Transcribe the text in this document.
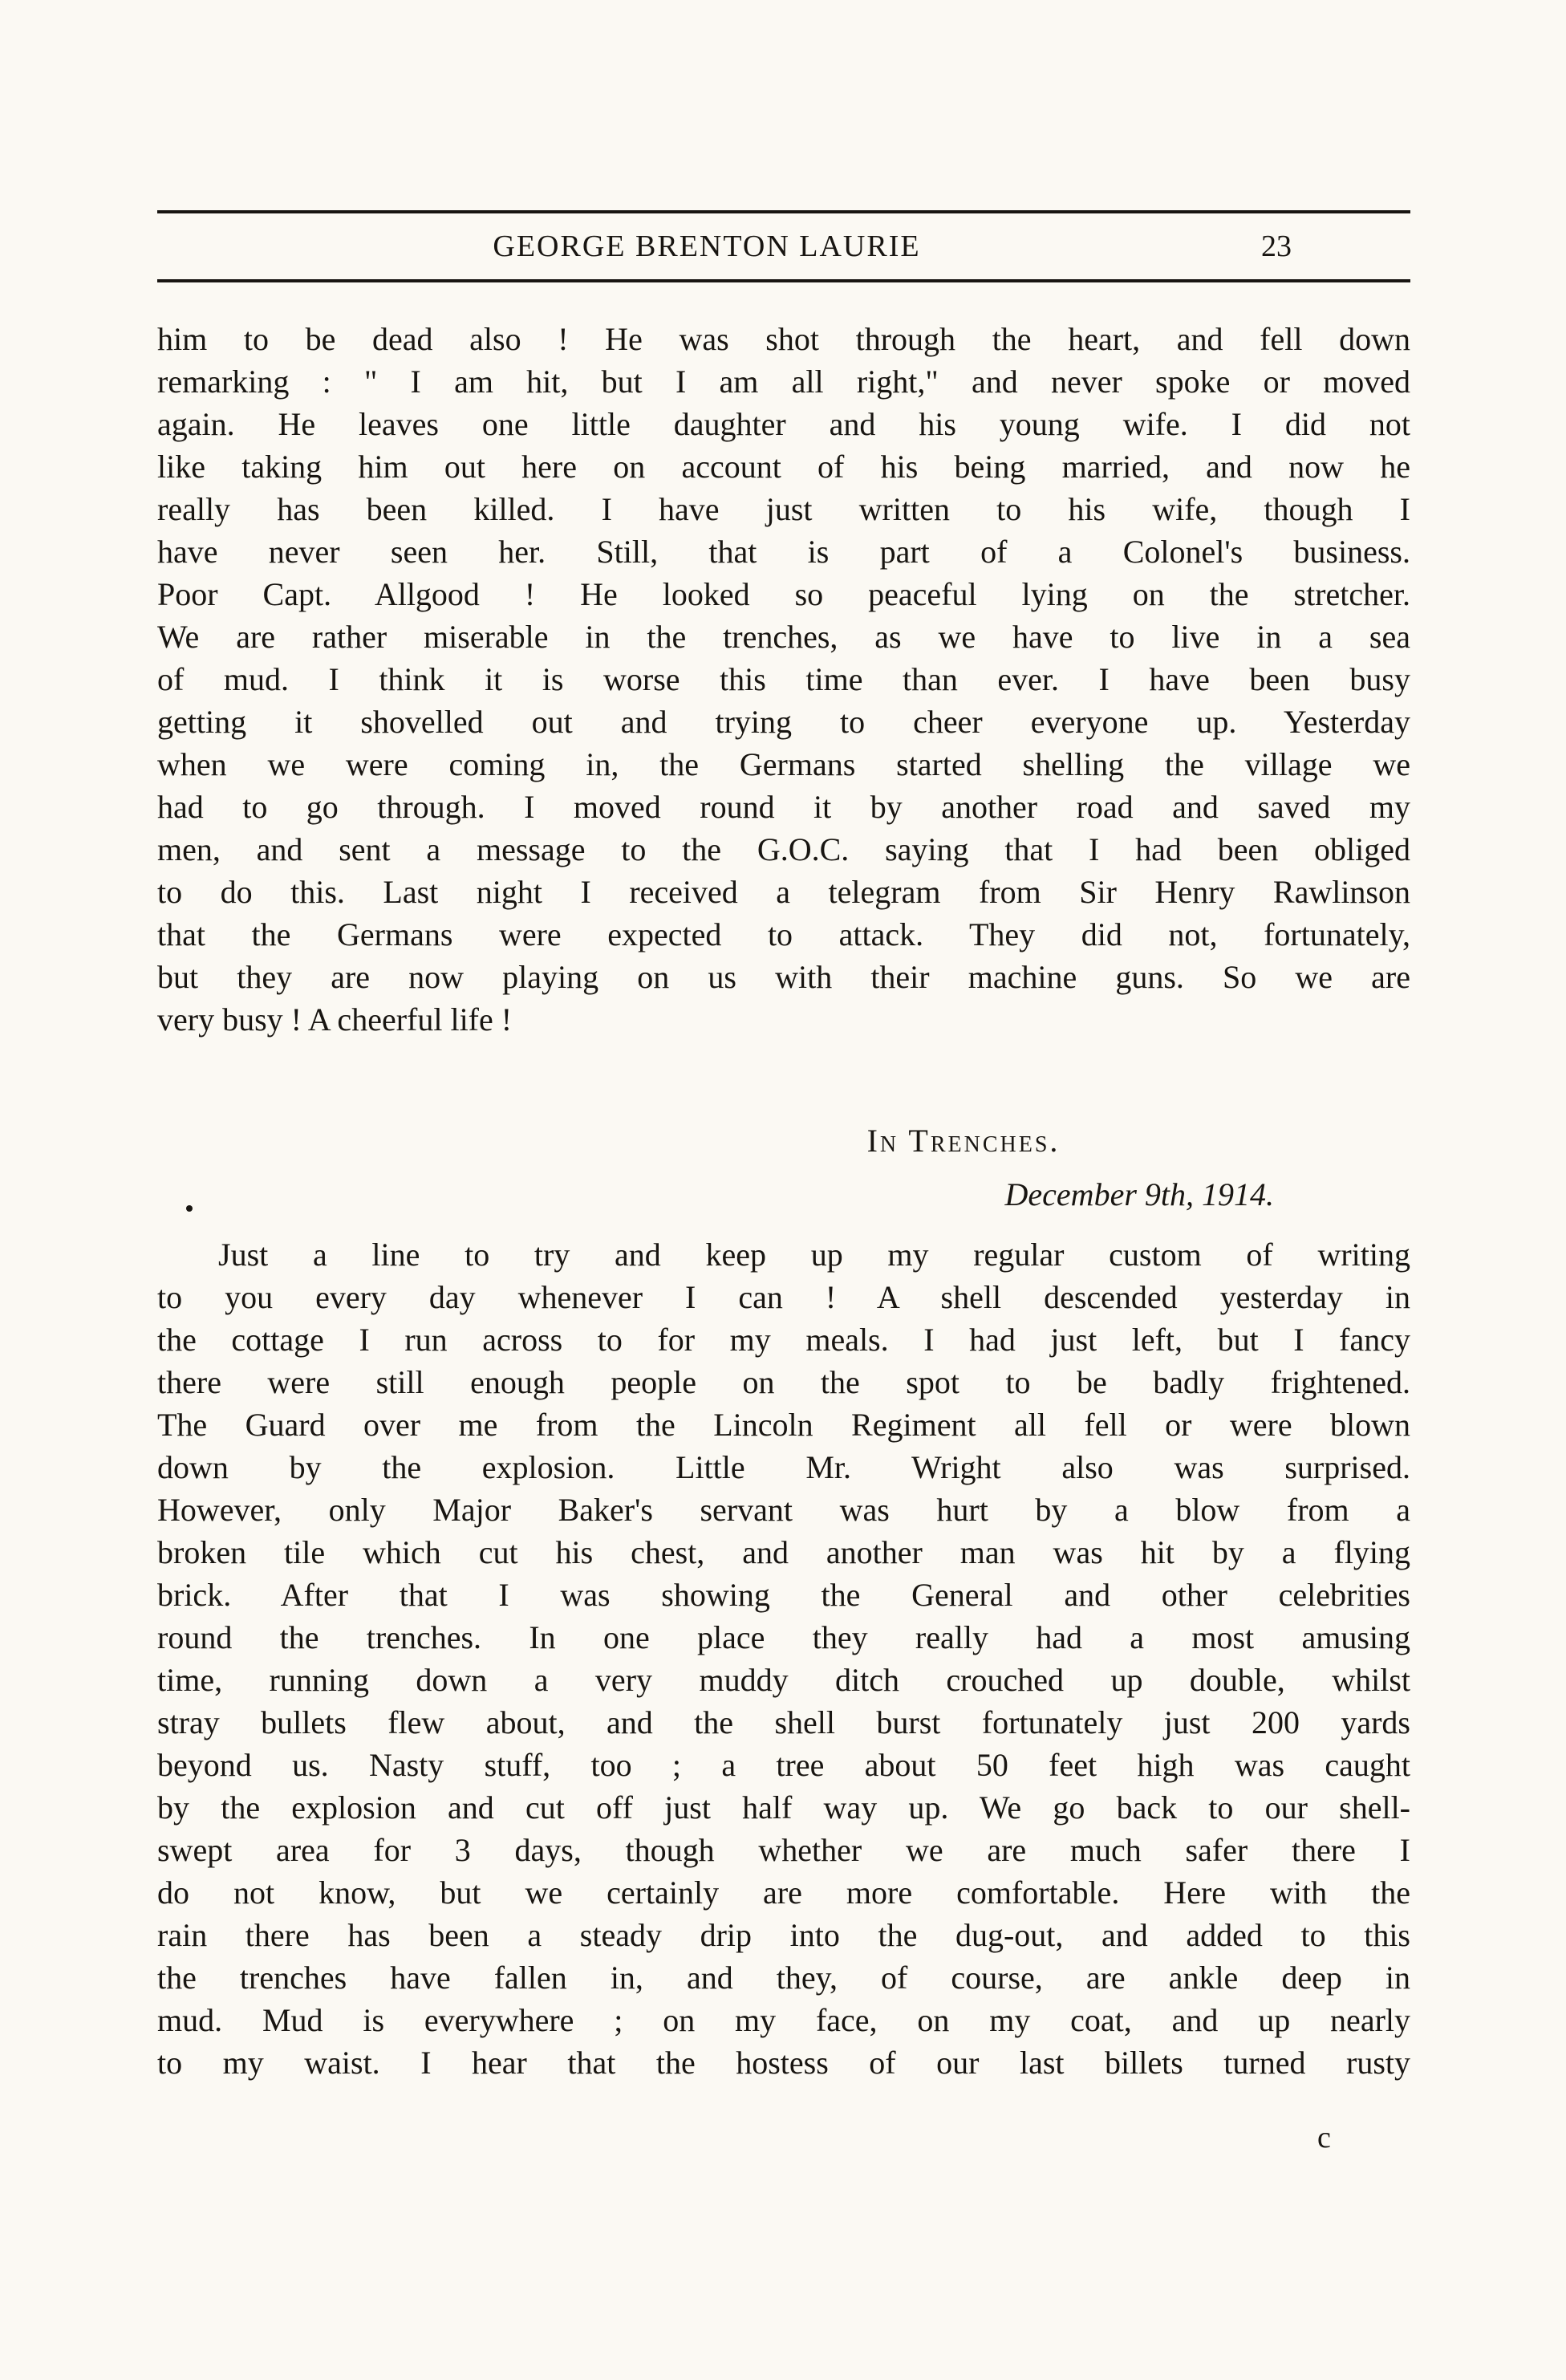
GEORGE BRENTON LAURIE	23
him to be dead also ! He was shot through the heart, and fell down
remarking : " I am hit, but I am all right," and never spoke or moved
again. He leaves one little daughter and his young wife. I did not
like taking him out here on account of his being married, and now he
really has been killed. I have just written to his wife, though I
have never seen her. Still, that is part of a Colonel's business.
Poor Capt. Allgood ! He looked so peaceful lying on the stretcher.
We are rather miserable in the trenches, as we have to live in a sea
of mud. I think it is worse this time than ever. I have been busy
getting it shovelled out and trying to cheer everyone up. Yesterday
when we were coming in, the Germans started shelling the village we
had to go through. I moved round it by another road and saved my
men, and sent a message to the G.O.C. saying that I had been obliged
to do this. Last night I received a telegram from Sir Henry Rawlinson
that the Germans were expected to attack. They did not, fortunately,
but they are now playing on us with their machine guns. So we are
very busy ! A cheerful life !
In Trenches.
December 9th, 1914.
Just a line to try and keep up my regular custom of writing
to you every day whenever I can ! A shell descended yesterday in
the cottage I run across to for my meals. I had just left, but I fancy
there were still enough people on the spot to be badly frightened.
The Guard over me from the Lincoln Regiment all fell or were blown
down by the explosion. Little Mr. Wright also was surprised.
However, only Major Baker's servant was hurt by a blow from a
broken tile which cut his chest, and another man was hit by a flying
brick. After that I was showing the General and other celebrities
round the trenches. In one place they really had a most amusing
time, running down a very muddy ditch crouched up double, whilst
stray bullets flew about, and the shell burst fortunately just 200 yards
beyond us. Nasty stuff, too ; a tree about 50 feet high was caught
by the explosion and cut off just half way up. We go back to our shell-
swept area for 3 days, though whether we are much safer there I
do not know, but we certainly are more comfortable. Here with the
rain there has been a steady drip into the dug-out, and added to this
the trenches have fallen in, and they, of course, are ankle deep in
mud. Mud is everywhere ; on my face, on my coat, and up nearly
to my waist. I hear that the hostess of our last billets turned rusty
c
